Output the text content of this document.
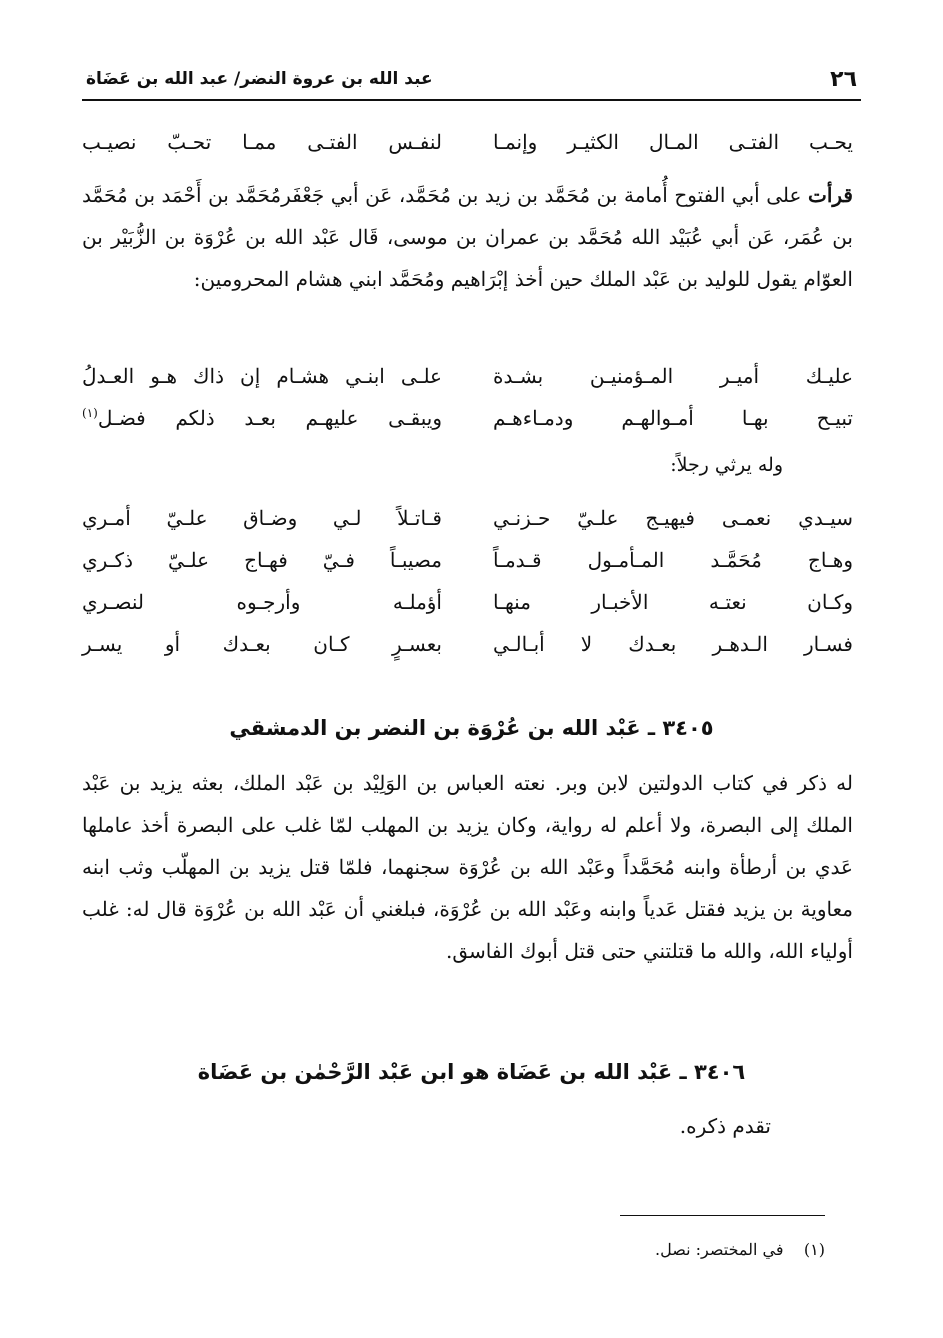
٢٦
عبد الله بن عروة النضر/ عبد الله بن عَضَاة
يحـب الفتـى المـال الكثيـر وإنمـا
لنفـس الفتـى ممـا تحـبّ نصيـب
قرأت على أبي الفتوح أُمامة بن مُحَمَّد بن زيد بن مُحَمَّد، عَن أبي جَعْفَرمُحَمَّد بن أَحْمَد بن مُحَمَّد بن عُمَر، عَن أبي عُبَيْد الله مُحَمَّد بن عمران بن موسى، قَال عَبْد الله بن عُرْوَة بن الزُّبَيْر بن العوّام يقول للوليد بن عَبْد الملك حين أخذ إبْرَاهيم ومُحَمَّد ابني هشام المحرومين:
عليـك أميـر المـؤمنيـن بشـدة
علـى ابنـي هشـام إن ذاك هـو العـدلُ
تبيـح بهـا أمـوالهـم ودمـاءهـم
ويبقـى عليهـم بعـد ذلكم فضـل$^{(١)}$
وله يرثي رجلاً:
سيـدي نعمـى فيهيـج علـيّ حـزنـي
قـاتـلاً لـي وضـاق علـيّ أمـري
وهـاج مُحَمَّـد المـأمـول قـدمـاً
مصيبـاً فـيّ فهـاج علـيّ ذكـري
وكـان نعتـه الأخبـار منهـا
أؤملـه وأرجـوه لنصـري
فسـار الـدهـر بعـدك لا أبـالـي
بعسـرٍ كـان بعـدك أو يسـر
٣٤٠٥ ـ عَبْد الله بن عُرْوَة بن النضر بن الدمشقي
له ذكر في كتاب الدولتين لابن وبر. نعته العباس بن الوَلِيْد بن عَبْد الملك، بعثه يزيد بن عَبْد الملك إلى البصرة، ولا أعلم له رواية، وكان يزيد بن المهلب لمّا غلب على البصرة أخذ عاملها عَدي بن أرطأة وابنه مُحَمَّداً وعَبْد الله بن عُرْوَة سجنهما، فلمّا قتل يزيد بن المهلّب وثب ابنه معاوية بن يزيد فقتل عَدياً وابنه وعَبْد الله بن عُرْوَة، فبلغني أن عَبْد الله بن عُرْوَة قال له: غلب أولياء الله، والله ما قتلتني حتى قتل أبوك الفاسق.
٣٤٠٦ ـ عَبْد الله بن عَضَاة هو ابن عَبْد الرَّحْمٰن بن عَضَاة
تقدم ذكره.
(١)    في المختصر: نصل.
